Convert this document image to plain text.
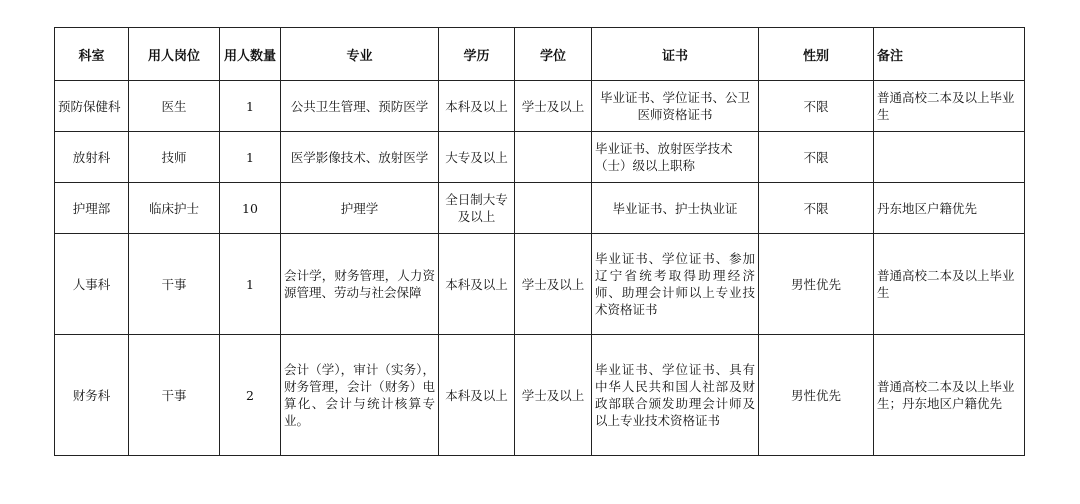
科室	用人岗位	用人数量	专业	学历	学位	证书	性别	备注
预防保健科	医生	1	公共卫生管理、预防医学	本科及以上	学士及以上	毕业证书、学位证书、公卫医师资格证书	不限	普通高校二本及以上毕业生
放射科	技师	1	医学影像技术、放射医学	大专及以上		毕业证书、放射医学技术（士）级以上职称	不限	
护理部	临床护士	10	护理学	全日制大专及以上		毕业证书、护士执业证	不限	丹东地区户籍优先
人事科	干事	1	会计学，财务管理，人力资源管理、劳动与社会保障	本科及以上	学士及以上	毕业证书、学位证书、参加辽宁省统考取得助理经济师、助理会计师以上专业技术资格证书	男性优先	普通高校二本及以上毕业生
财务科	干事	2	会计（学），审计（实务），财务管理，会计（财务）电算化、会计与统计核算专业。	本科及以上	学士及以上	毕业证书、学位证书、具有中华人民共和国人社部及财政部联合颁发助理会计师及以上专业技术资格证书	男性优先	普通高校二本及以上毕业生；丹东地区户籍优先
